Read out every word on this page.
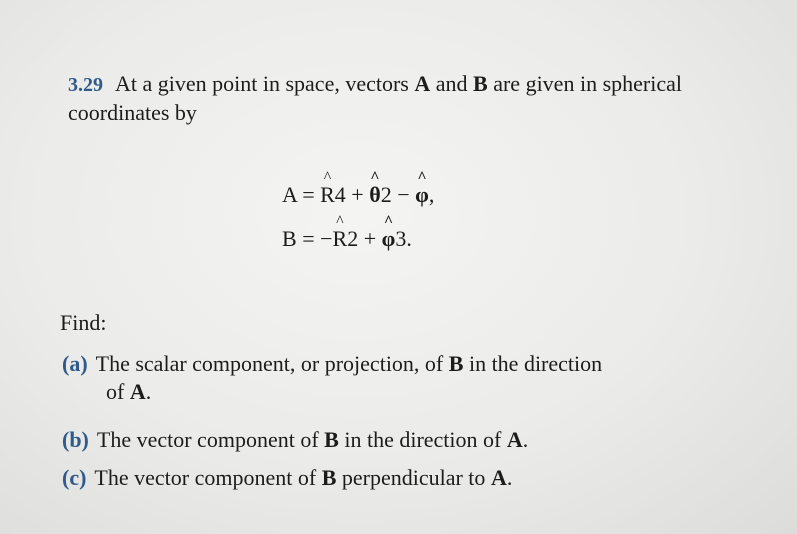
3.29 At a given point in space, vectors A and B are given in spherical coordinates by
A = R ^4 + θ ^2 − φ ^,
B = −R ^2 + φ ^3.
Find:
(a) The scalar component, or projection, of B in the direction
of A.
(b) The vector component of B in the direction of A.
(c) The vector component of B perpendicular to A.
